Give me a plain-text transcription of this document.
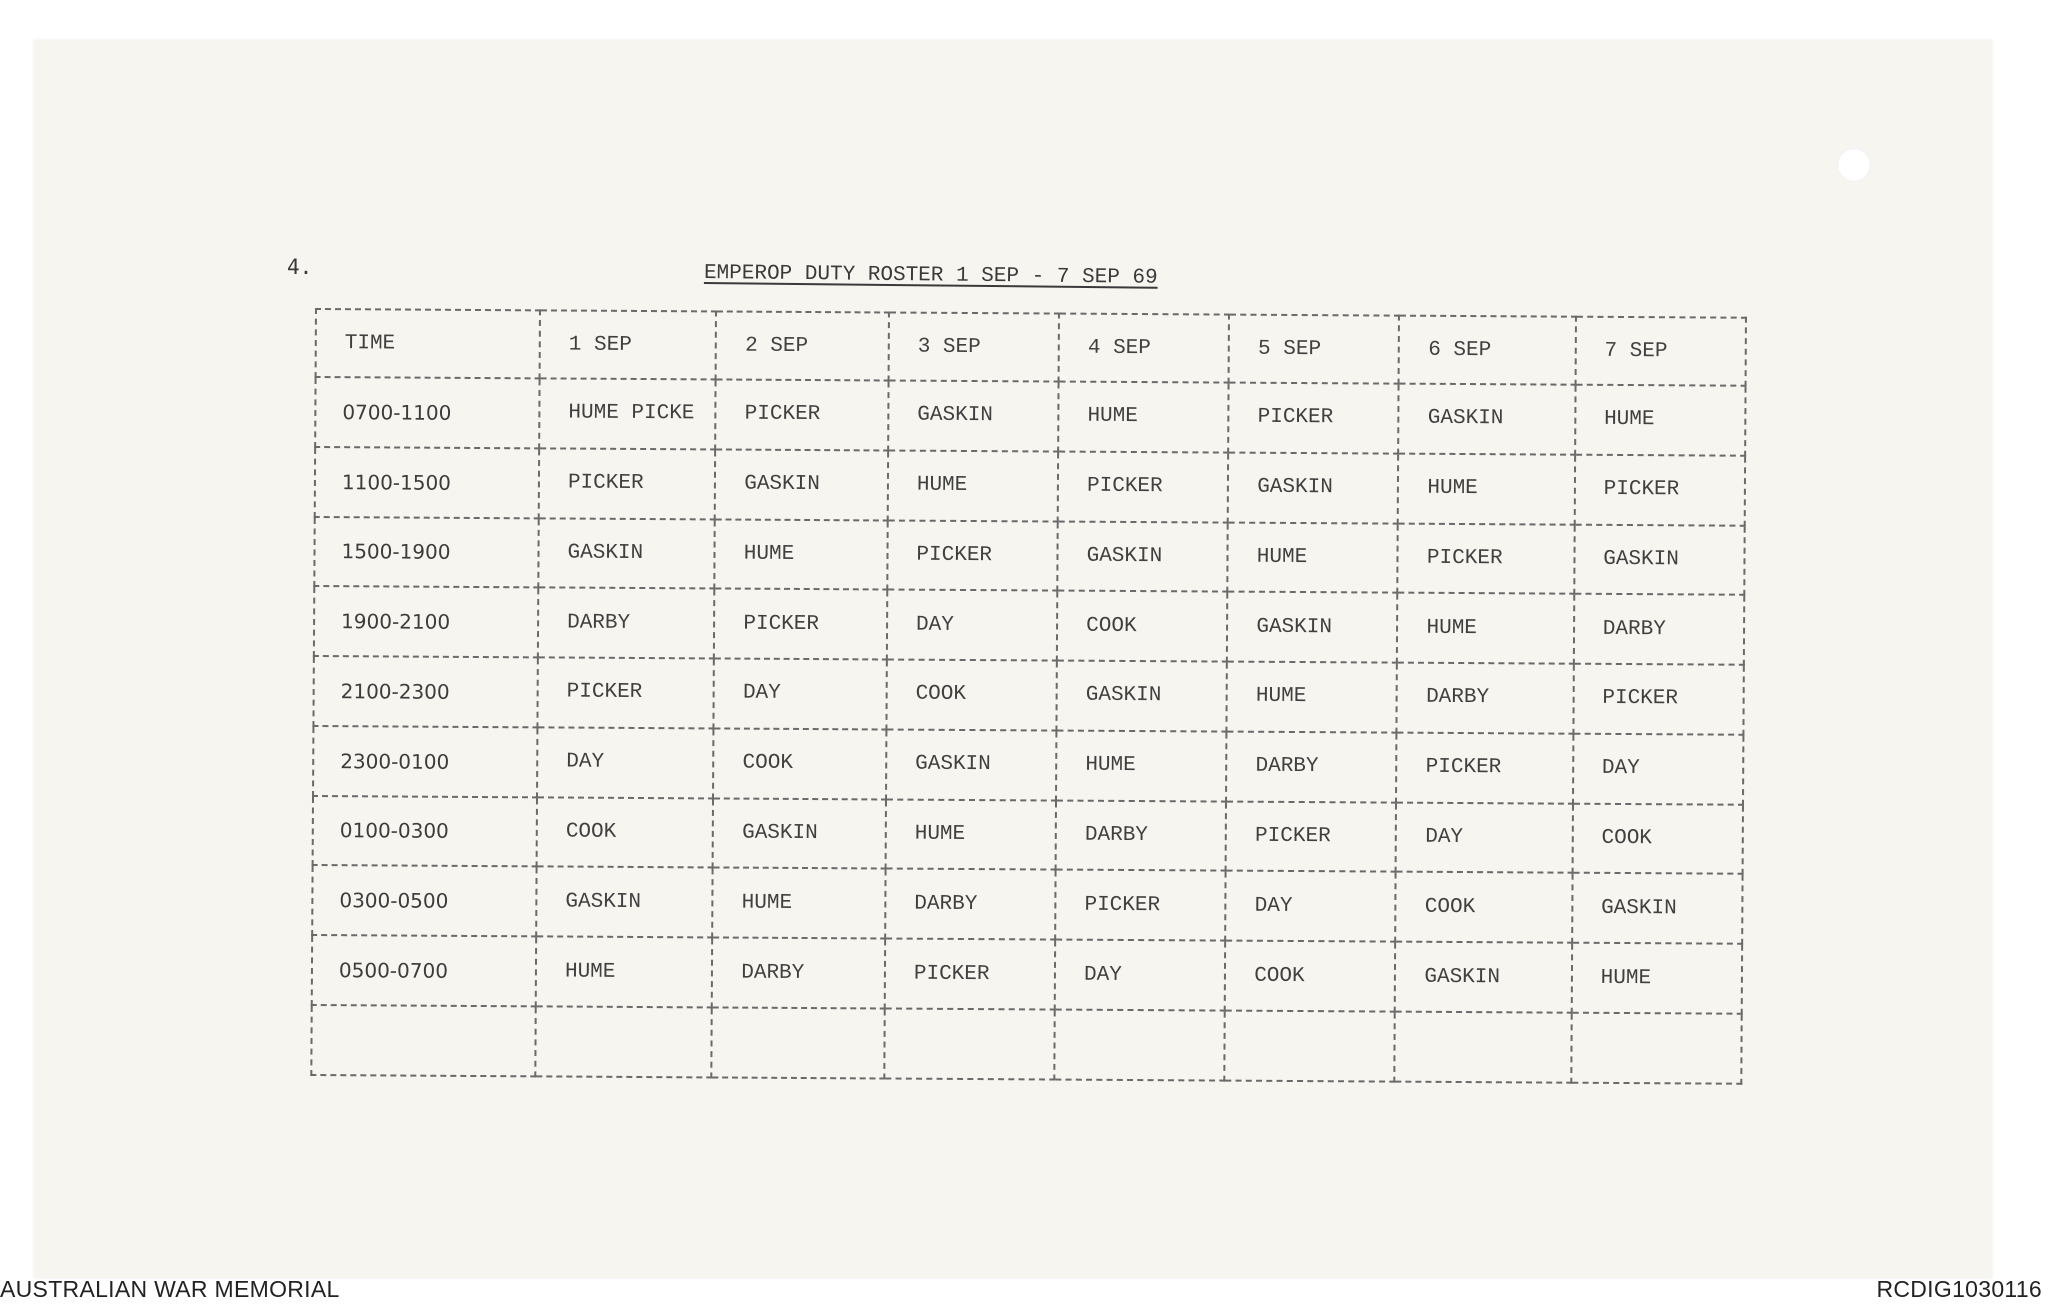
4.	EMPEROP DUTY ROSTER 1 SEP - 7 SEP 69
TIME	1 SEP	2 SEP	3 SEP	4 SEP	5 SEP	6 SEP	7 SEP
0700-1100	HUME PICKE	PICKER	GASKIN	HUME	PICKER	GASKIN	HUME
1100-1500	PICKER	GASKIN	HUME	PICKER	GASKIN	HUME	PICKER
1500-1900	GASKIN	HUME	PICKER	GASKIN	HUME	PICKER	GASKIN
1900-2100	DARBY	PICKER	DAY	COOK	GASKIN	HUME	DARBY
2100-2300	PICKER	DAY	COOK	GASKIN	HUME	DARBY	PICKER
2300-0100	DAY	COOK	GASKIN	HUME	DARBY	PICKER	DAY
0100-0300	COOK	GASKIN	HUME	DARBY	PICKER	DAY	COOK
0300-0500	GASKIN	HUME	DARBY	PICKER	DAY	COOK	GASKIN
0500-0700	HUME	DARBY	PICKER	DAY	COOK	GASKIN	HUME

AUSTRALIAN WAR MEMORIAL	RCDIG1030116
